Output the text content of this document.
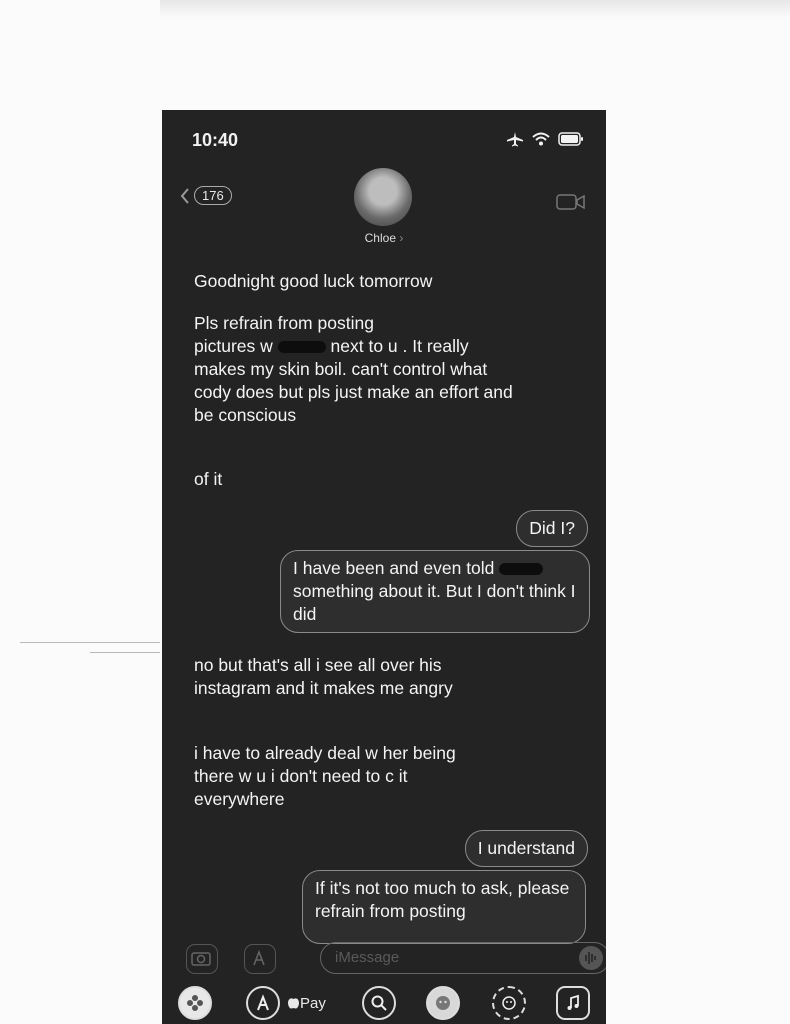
10:40
176
Chloe ›
Goodnight good luck tomorrow
Pls refrain from posting
pictures w	next to u . It really makes my skin boil. can't control what cody does but pls just make an effort and be conscious
of it
Did I?
I have been and even told  something about it. But I don't think I did
no but that's all i see all over his instagram and it makes me angry
i have to already deal w her being there w u i don't need to c it everywhere
I understand
If it's not too much to ask, please refrain from posting
iMessage
Pay
